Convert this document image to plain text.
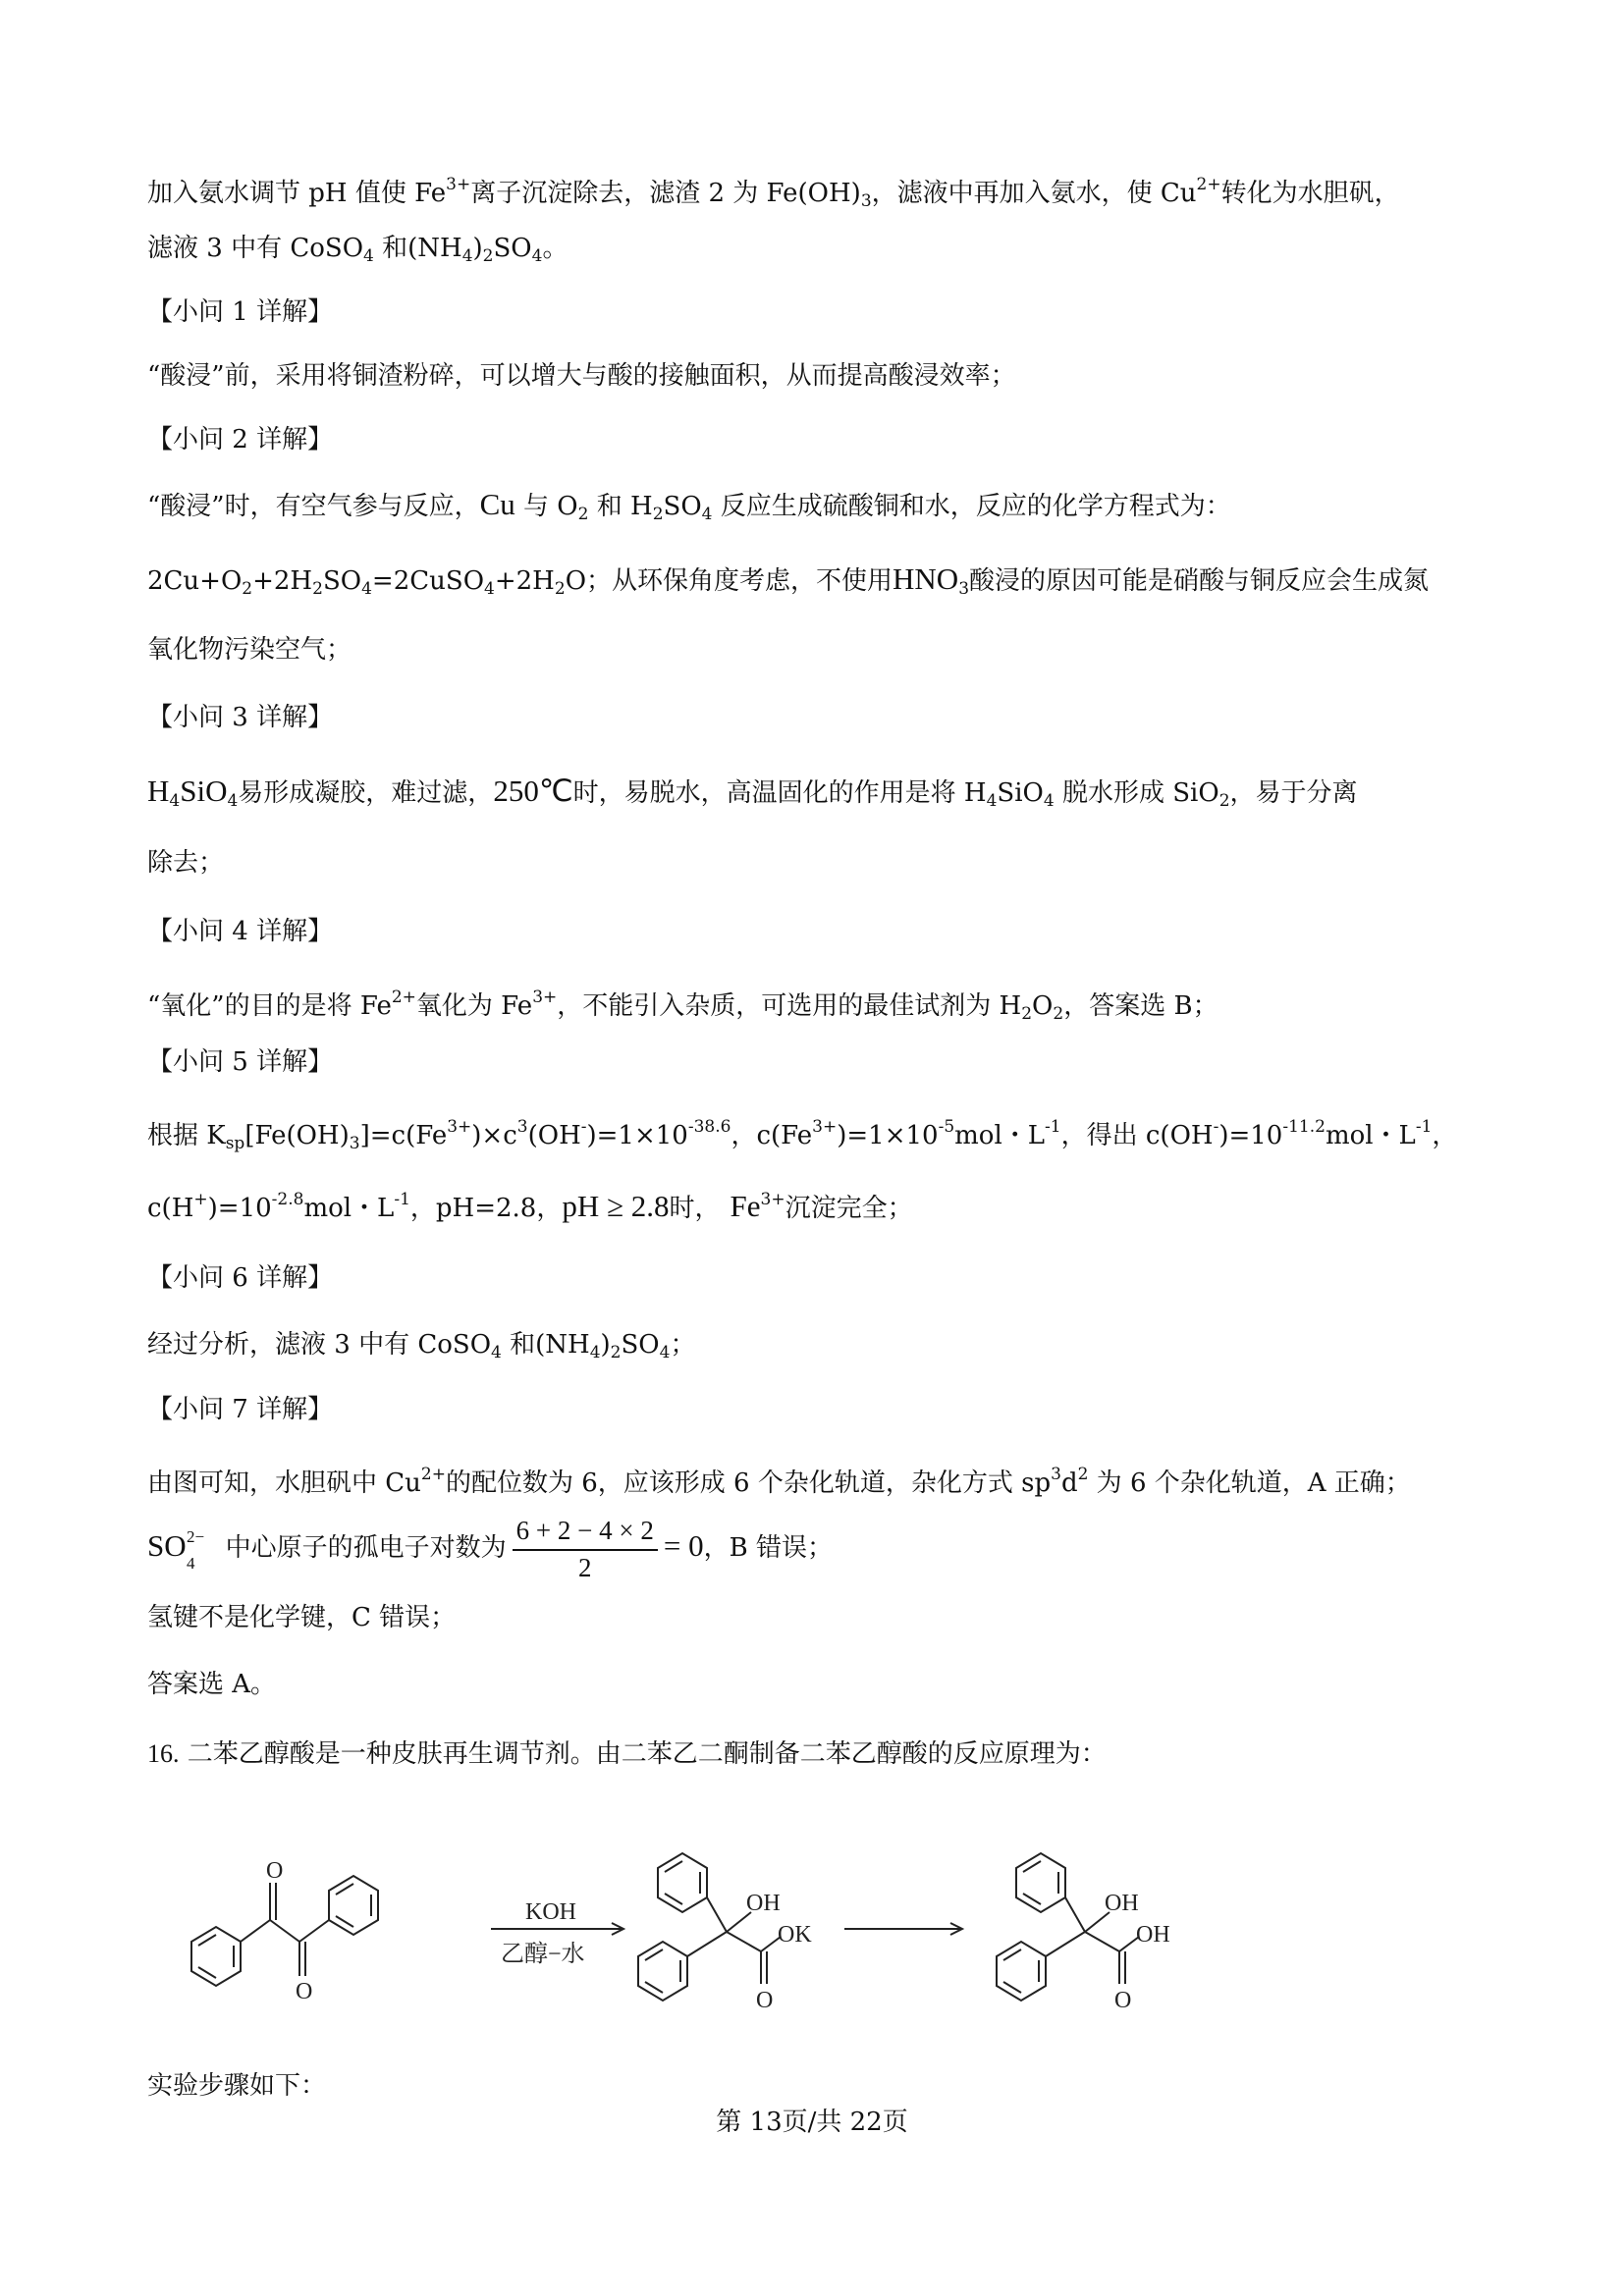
加入氨水调节 pH 值使 $Fe^{3+}$离子沉淀除去，滤渣 2 为 $Fe(OH)_3$，滤液中再加入氨水，使 $Cu^{2+}$转化为水胆矾，
滤液 3 中有 CoSO$_4$ 和$(NH_4)_2SO_4$。
【小问 1 详解】
“酸浸”前，采用将铜渣粉碎，可以增大与酸的接触面积，从而提高酸浸效率；
【小问 2 详解】
“酸浸”时，有空气参与反应，Cu 与 $O_2$ 和 $H_2SO_4$ 反应生成硫酸铜和水，反应的化学方程式为：
$2Cu+O_2+2H_2SO_4=2CuSO_4+2H_2O$；从环保角度考虑，不使用$HNO_3$酸浸的原因可能是硝酸与铜反应会生成氮
氧化物污染空气；
【小问 3 详解】
$H_4SiO_4$易形成凝胶，难过滤，250℃时，易脱水，高温固化的作用是将 $H_4SiO_4$ 脱水形成 SiO$_2$，易于分离
除去；
【小问 4 详解】
“氧化”的目的是将 $Fe^{2+}$氧化为 $Fe^{3+}$，不能引入杂质，可选用的最佳试剂为 $H_2O_2$，答案选 B；
【小问 5 详解】
根据 $K_{sp}[Fe(OH)_3]=c(Fe^{3+})\times c^3(OH^-)=1\times 10^{-38.6}$，$c(Fe^{3+})=1\times 10^{-5}mol$・$L^{-1}$，得出 $c(OH^-)=10^{-11.2}mol$・$L^{-1}$，
$c(H^+)=10^{-2.8}mol$・$L^{-1}$，pH=2.8，pH ≥ 2.8时， $Fe^{3+}$沉淀完全；
【小问 6 详解】
经过分析，滤液 3 中有 CoSO$_4$ 和$(NH_4)_2SO_4$；
【小问 7 详解】
由图可知，水胆矾中 $Cu^{2+}$的配位数为 6，应该形成 6 个杂化轨道，杂化方式 $sp^3d^2$ 为 6 个杂化轨道，A 正确；
SO 2−
4
中心原子的孤电子对数为 $\frac{6 + 2 - 4 \times 2}{2} = 0$，B 错误；
氢键不是化学键，C 错误；
答案选 A。
16. 二苯乙醇酸是一种皮肤再生调节剂。由二苯乙二酮制备二苯乙醇酸的反应原理为：
实验步骤如下：
O
O
KOH
乙醇−水
OH
OK
O
OH
OH
O
第 13页/共 22页
